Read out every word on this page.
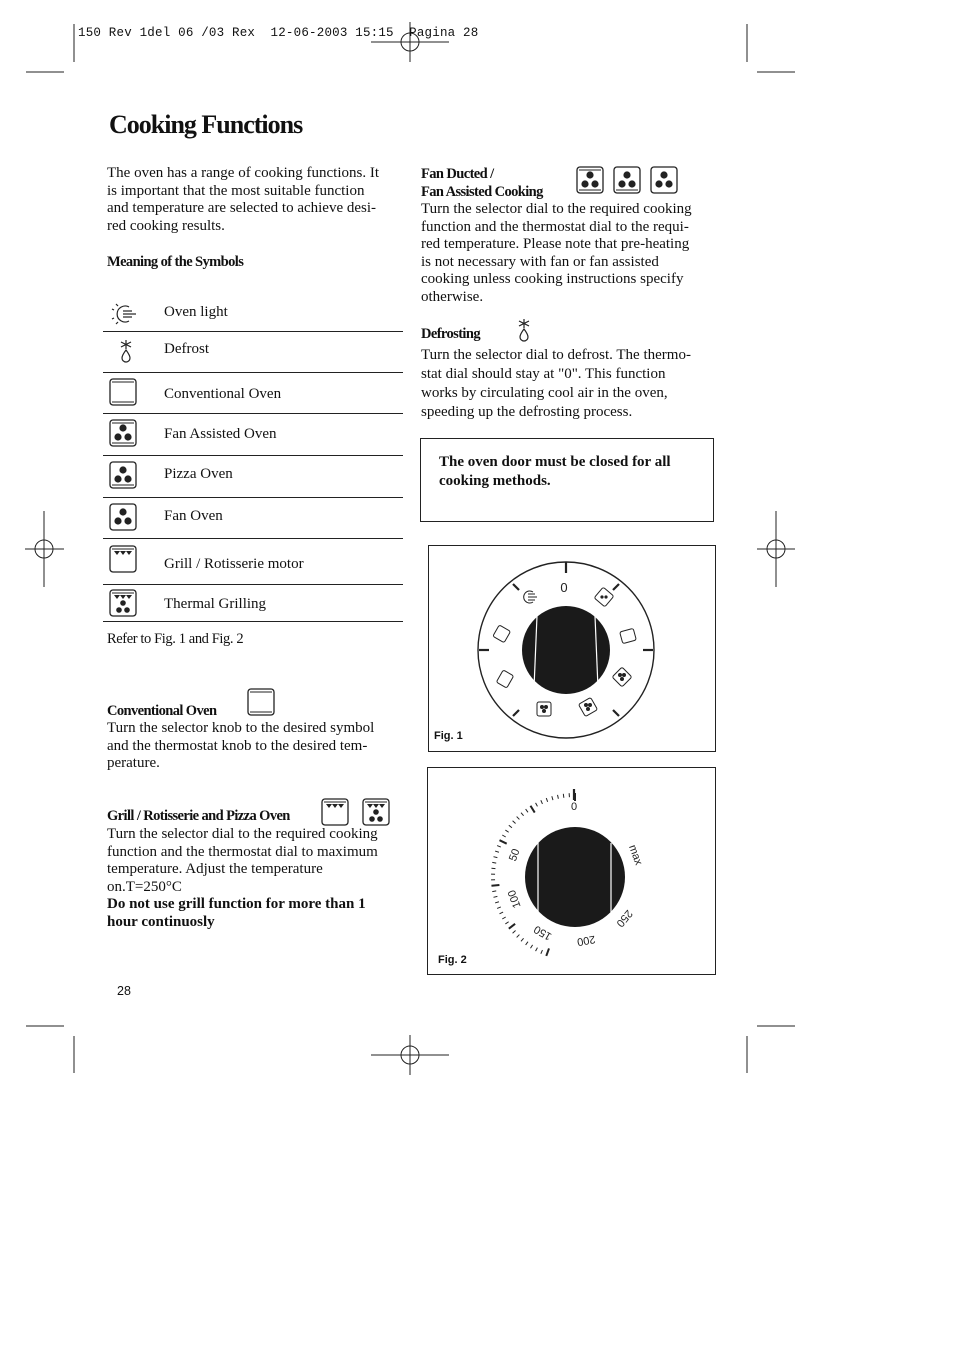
150 Rev 1del 06 /03 Rex  12-06-2003 15:15  Pagina 28
Cooking Functions
The oven has a range of cooking functions. It
is important that the most suitable function
and temperature are selected to achieve desi-
red cooking results.
Meaning of the Symbols
Oven light
Defrost
Conventional Oven
Fan Assisted Oven
Pizza Oven
Fan Oven
Grill / Rotisserie motor
Thermal Grilling
Refer to Fig. 1 and Fig. 2
Conventional Oven
Turn the selector knob to the desired symbol
and the thermostat knob to the desired tem-
perature.
Grill / Rotisserie and Pizza Oven
Turn the selector dial to the required cooking
function and the thermostat dial to maximum
temperature. Adjust the temperature
on.T=250°C
Do not use grill function for more than 1
hour continuosly
Fan Ducted /
Fan Assisted Cooking
Turn the selector dial to the required cooking
function and the thermostat dial to the requi-
red temperature. Please note that pre-heating
is not necessary with fan or fan assisted
cooking unless cooking instructions specify
otherwise.
Defrosting
Turn the selector dial to defrost. The thermo-
stat dial should stay at "0". This function
works by circulating cool air in the oven,
speeding up the defrosting process.
The oven door must be closed for all
cooking methods.
0
Fig. 1
0
50
100
150 200
250
max
Fig. 2
28
